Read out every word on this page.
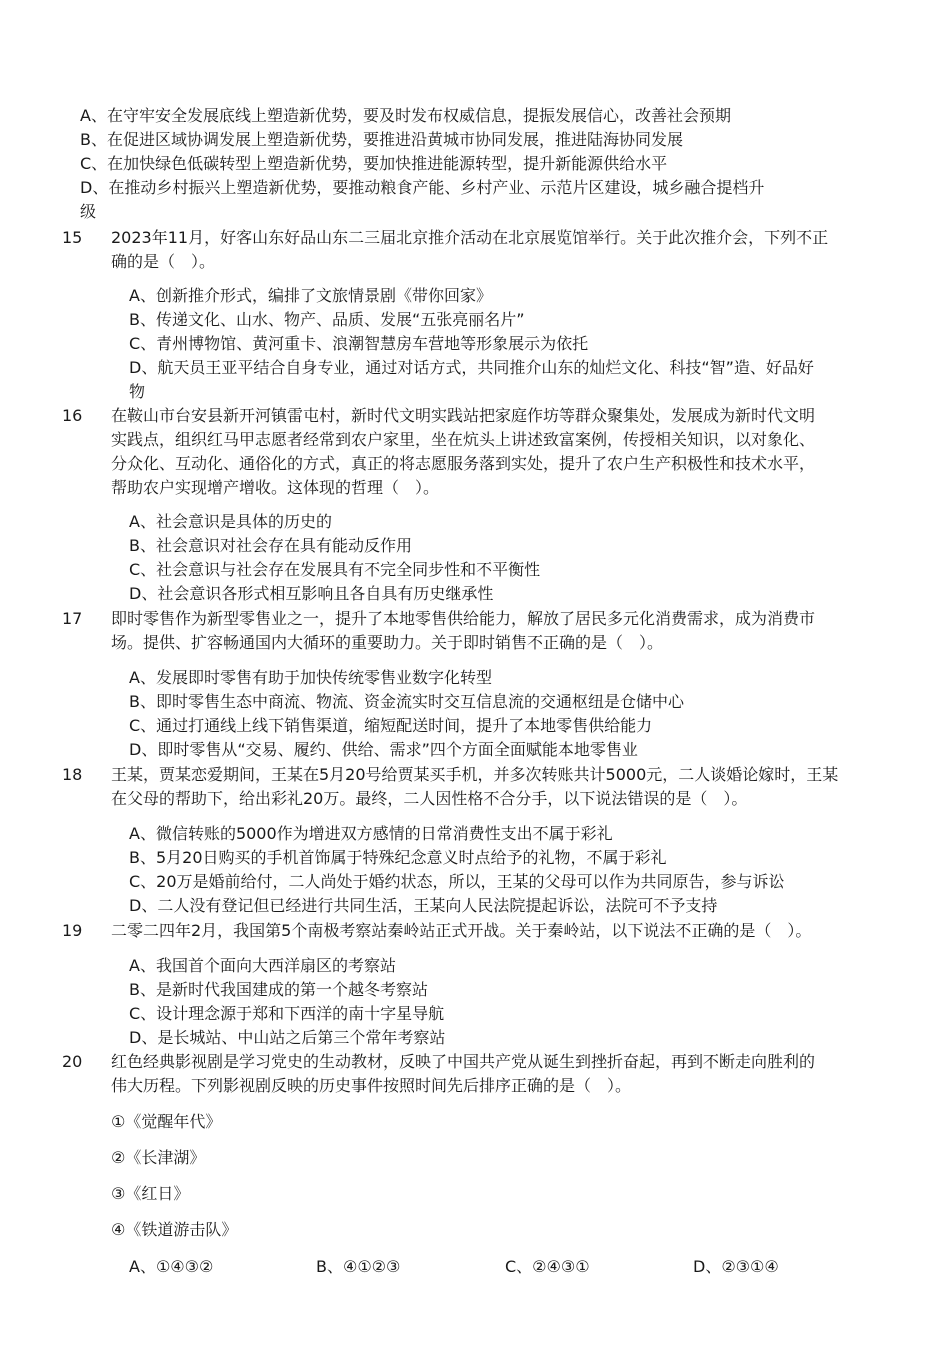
A、在守牢安全发展底线上塑造新优势，要及时发布权威信息，提振发展信心，改善社会预期
B、在促进区域协调发展上塑造新优势，要推进沿黄城市协同发展，推进陆海协同发展
C、在加快绿色低碳转型上塑造新优势，要加快推进能源转型，提升新能源供给水平
D、在推动乡村振兴上塑造新优势，要推动粮食产能、乡村产业、示范片区建设，城乡融合提档升
级
15 2023年11月，好客山东好品山东二三届北京推介活动在北京展览馆举行。关于此次推介会，下列不正
确的是（　）。
A、创新推介形式，编排了文旅情景剧《带你回家》
B、传递文化、山水、物产、品质、发展“五张亮丽名片”
C、青州博物馆、黄河重卡、浪潮智慧房车营地等形象展示为依托
D、航天员王亚平结合自身专业，通过对话方式，共同推介山东的灿烂文化、科技“智”造、好品好
物
16 在鞍山市台安县新开河镇雷屯村，新时代文明实践站把家庭作坊等群众聚集处，发展成为新时代文明
实践点，组织红马甲志愿者经常到农户家里，坐在炕头上讲述致富案例，传授相关知识，以对象化、
分众化、互动化、通俗化的方式，真正的将志愿服务落到实处，提升了农户生产积极性和技术水平，
帮助农户实现增产增收。这体现的哲理（　）。
A、社会意识是具体的历史的
B、社会意识对社会存在具有能动反作用
C、社会意识与社会存在发展具有不完全同步性和不平衡性
D、社会意识各形式相互影响且各自具有历史继承性
17 即时零售作为新型零售业之一，提升了本地零售供给能力，解放了居民多元化消费需求，成为消费市
场。提供、扩容畅通国内大循环的重要助力。关于即时销售不正确的是（　）。
A、发展即时零售有助于加快传统零售业数字化转型
B、即时零售生态中商流、物流、资金流实时交互信息流的交通枢纽是仓储中心
C、通过打通线上线下销售渠道，缩短配送时间，提升了本地零售供给能力
D、即时零售从“交易、履约、供给、需求”四个方面全面赋能本地零售业
18 王某，贾某恋爱期间，王某在5月20号给贾某买手机，并多次转账共计5000元，二人谈婚论嫁时，王某
在父母的帮助下，给出彩礼20万。最终，二人因性格不合分手，以下说法错误的是（　）。
A、微信转账的5000作为增进双方感情的日常消费性支出不属于彩礼
B、5月20日购买的手机首饰属于特殊纪念意义时点给予的礼物，不属于彩礼
C、20万是婚前给付，二人尚处于婚约状态，所以，王某的父母可以作为共同原告，参与诉讼
D、二人没有登记但已经进行共同生活，王某向人民法院提起诉讼，法院可不予支持
19 二零二四年2月，我国第5个南极考察站秦岭站正式开战。关于秦岭站，以下说法不正确的是（　）。
A、我国首个面向大西洋扇区的考察站
B、是新时代我国建成的第一个越冬考察站
C、设计理念源于郑和下西洋的南十字星导航
D、是长城站、中山站之后第三个常年考察站
20 红色经典影视剧是学习党史的生动教材，反映了中国共产党从诞生到挫折奋起，再到不断走向胜利的
伟大历程。下列影视剧反映的历史事件按照时间先后排序正确的是（　）。
①《觉醒年代》
②《长津湖》
③《红日》
④《铁道游击队》
A、①④③②	B、④①②③	C、②④③①	D、②③①④
